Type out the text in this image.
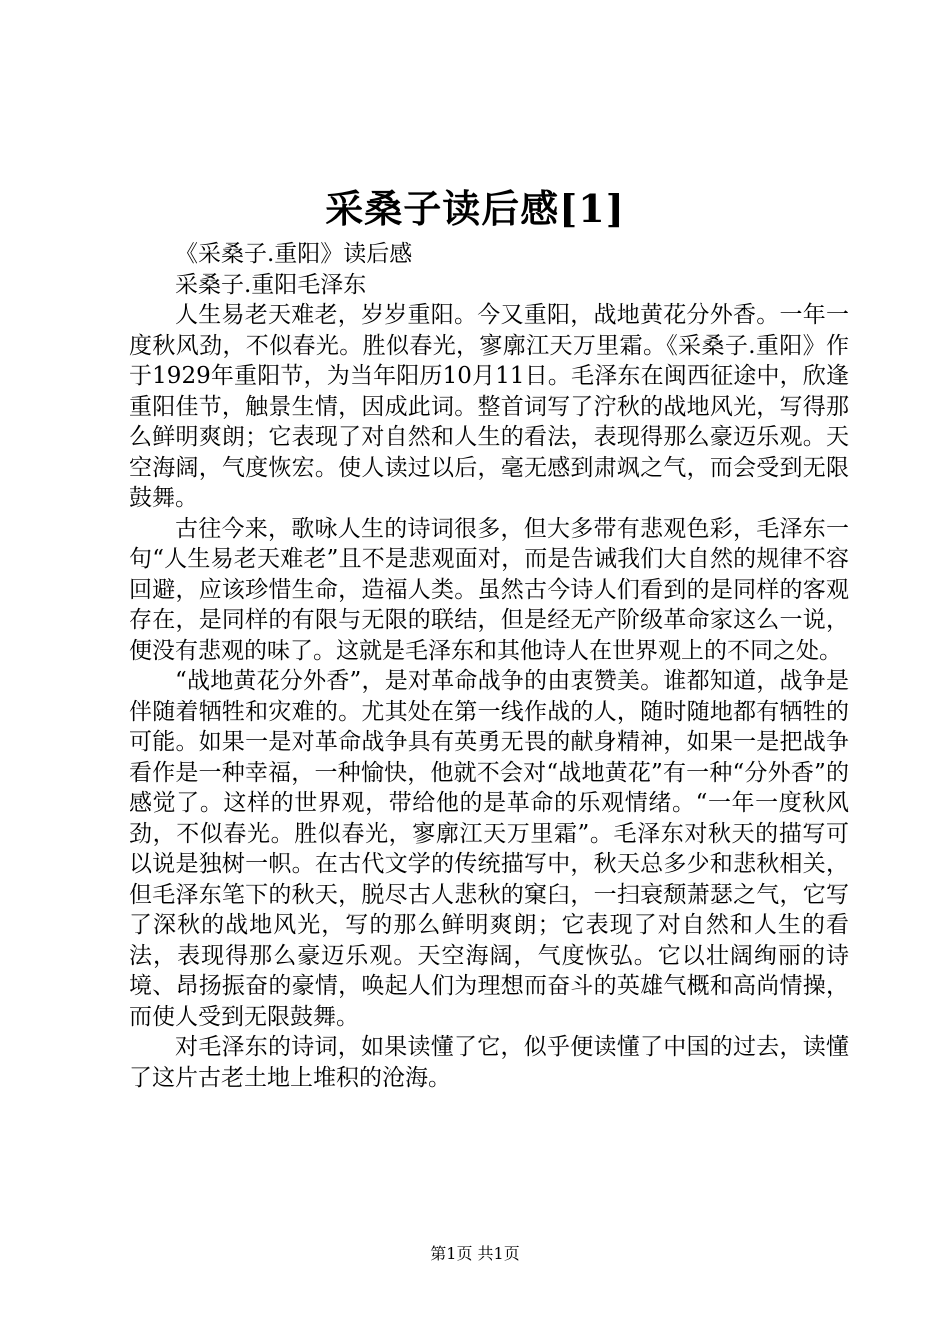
采桑子读后感[1]

《采桑子.重阳》读后感

采桑子.重阳毛泽东

人生易老天难老，岁岁重阳。今又重阳，战地黄花分外香。一年一度秋风劲，不似春光。胜似春光，寥廓江天万里霜。《采桑子.重阳》作于1929年重阳节，为当年阳历10月11日。毛泽东在闽西征途中，欣逢重阳佳节，触景生情，因成此词。整首词写了泞秋的战地风光，写得那么鲜明爽朗；它表现了对自然和人生的看法，表现得那么豪迈乐观。天空海阔，气度恢宏。使人读过以后，毫无感到肃飒之气，而会受到无限鼓舞。

古往今来，歌咏人生的诗词很多，但大多带有悲观色彩，毛泽东一句“人生易老天难老”且不是悲观面对，而是告诫我们大自然的规律不容回避，应该珍惜生命，造福人类。虽然古今诗人们看到的是同样的客观存在，是同样的有限与无限的联结，但是经无产阶级革命家这么一说，便没有悲观的味了。这就是毛泽东和其他诗人在世界观上的不同之处。

“战地黄花分外香”，是对革命战争的由衷赞美。谁都知道，战争是伴随着牺牲和灾难的。尤其处在第一线作战的人，随时随地都有牺牲的可能。如果一是对革命战争具有英勇无畏的献身精神，如果一是把战争看作是一种幸福，一种愉快，他就不会对“战地黄花”有一种“分外香”的感觉了。这样的世界观，带给他的是革命的乐观情绪。“一年一度秋风劲，不似春光。胜似春光，寥廓江天万里霜”。毛泽东对秋天的描写可以说是独树一帜。在古代文学的传统描写中，秋天总多少和悲秋相关，但毛泽东笔下的秋天，脱尽古人悲秋的窠臼，一扫衰颓萧瑟之气，它写了深秋的战地风光，写的那么鲜明爽朗；它表现了对自然和人生的看法，表现得那么豪迈乐观。天空海阔，气度恢弘。它以壮阔绚丽的诗境、昂扬振奋的豪情，唤起人们为理想而奋斗的英雄气概和高尚情操，而使人受到无限鼓舞。

对毛泽东的诗词，如果读懂了它，似乎便读懂了中国的过去，读懂了这片古老土地上堆积的沧海。

第1页 共1页
